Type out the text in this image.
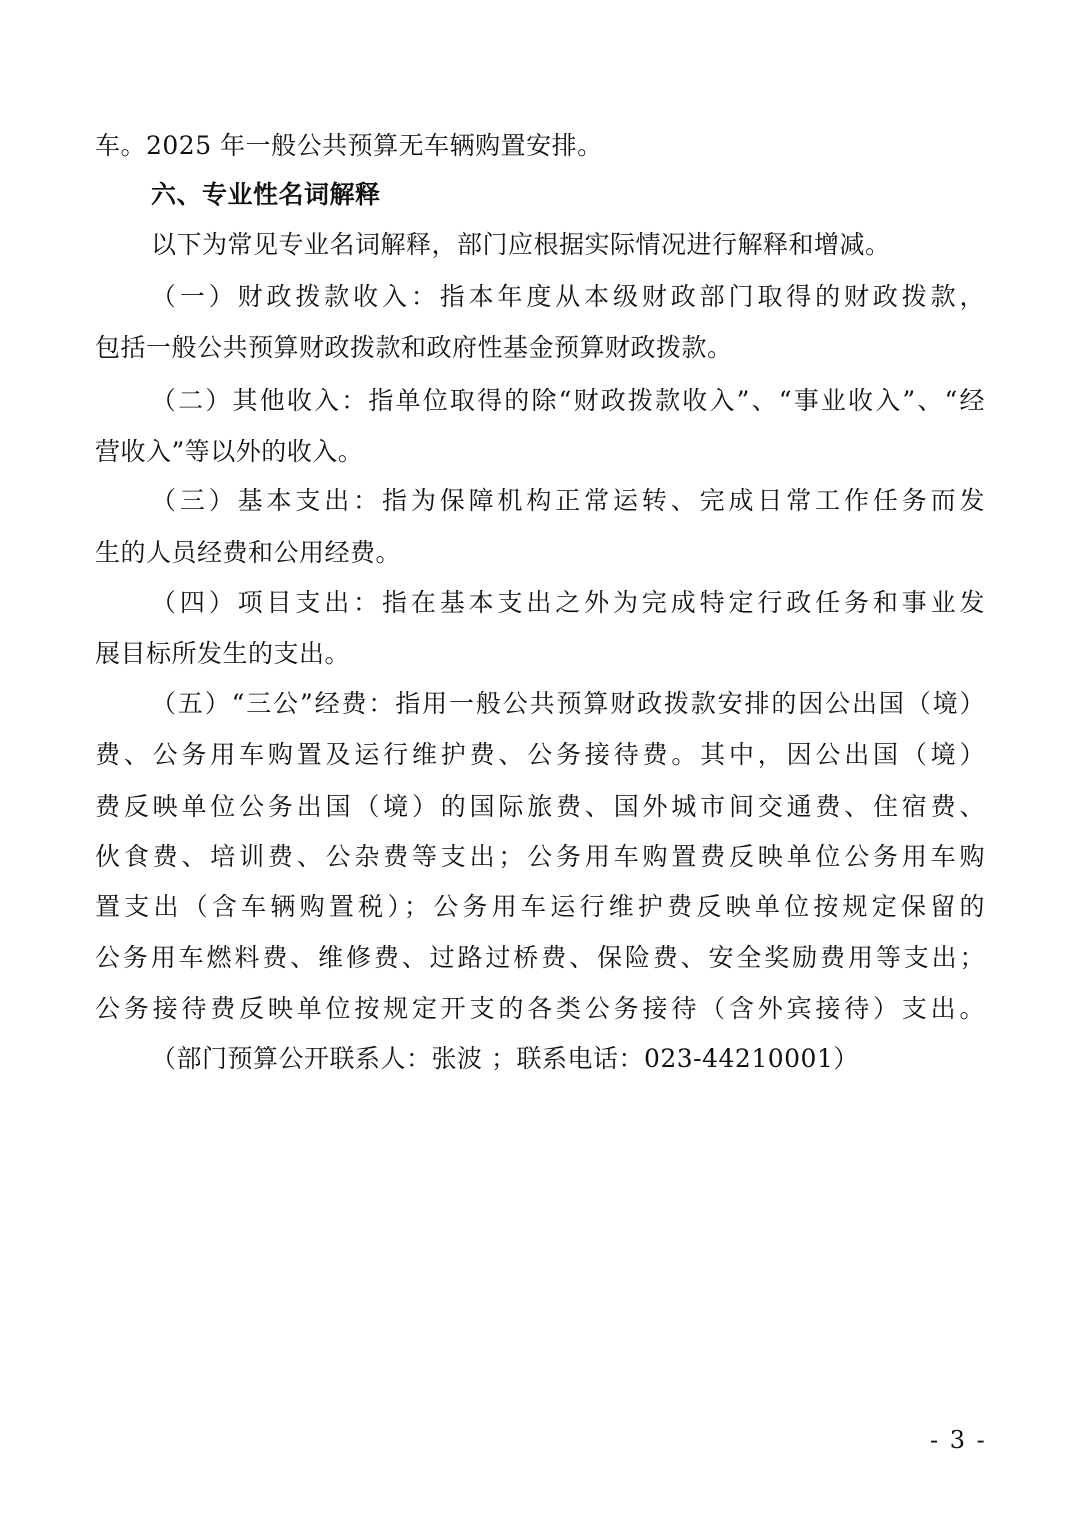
车。2025 年一般公共预算无车辆购置安排。
六、专业性名词解释
以下为常见专业名词解释，部门应根据实际情况进行解释和增减。
（一）财政拨款收入：指本年度从本级财政部门取得的财政拨款，
包括一般公共预算财政拨款和政府性基金预算财政拨款。
（二）其他收入：指单位取得的除“财政拨款收入”、“事业收入”、“经
营收入”等以外的收入。
（三）基本支出：指为保障机构正常运转、完成日常工作任务而发
生的人员经费和公用经费。
（四）项目支出：指在基本支出之外为完成特定行政任务和事业发
展目标所发生的支出。
（五）“三公”经费：指用一般公共预算财政拨款安排的因公出国（境）
费、公务用车购置及运行维护费、公务接待费。其中，因公出国（境）
费反映单位公务出国（境）的国际旅费、国外城市间交通费、住宿费、
伙食费、培训费、公杂费等支出；公务用车购置费反映单位公务用车购
置支出（含车辆购置税）；公务用车运行维护费反映单位按规定保留的
公务用车燃料费、维修费、过路过桥费、保险费、安全奖励费用等支出；
公务接待费反映单位按规定开支的各类公务接待（含外宾接待）支出。
（部门预算公开联系人：张波 ；联系电话：023-44210001）
- 3 -
